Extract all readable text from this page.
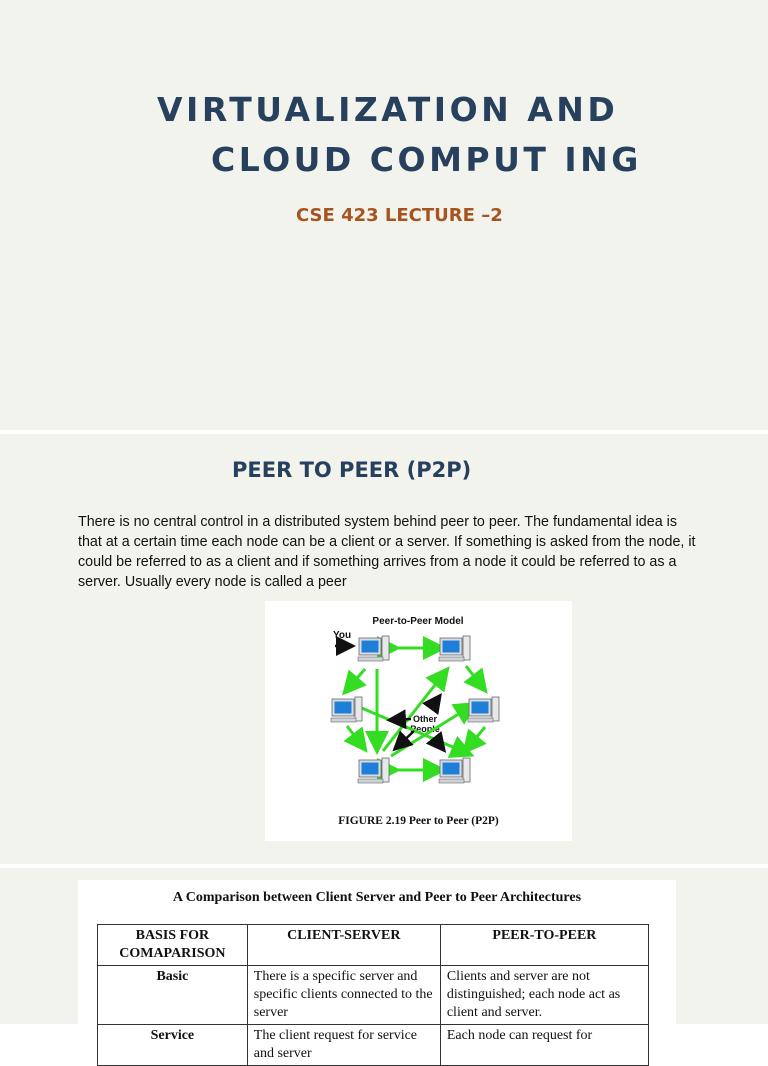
VIRTUALIZATION AND
CLOUD COMPUT ING
CSE 423 LECTURE –2
PEER TO PEER (P2P)
There is no central control in a distributed system behind peer to peer. The fundamental idea is that at a certain time each node can be a client or a server. If something is asked from the node, it could be referred to as a client and if something arrives from a node it could be referred to as a server. Usually every node is called a peer
Peer-to-Peer Model
You
Other
People
FIGURE 2.19 Peer to Peer (P2P)
A Comparison between Client Server and Peer to Peer Architectures
BASIS FOR COMAPARISON	CLIENT-SERVER	PEER-TO-PEER
Basic	There is a specific server and specific clients connected to the server	Clients and server are not distinguished; each node act as client and server.
Service	The client request for service and server	Each node can request for
